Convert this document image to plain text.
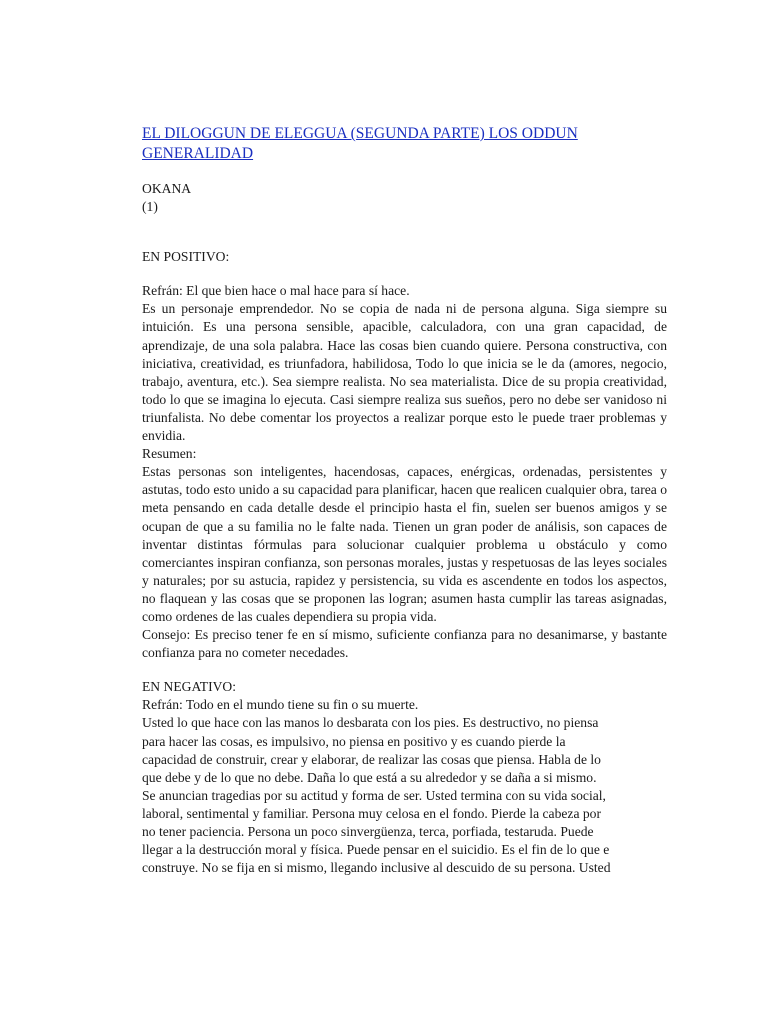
EL DILOGGUN DE ELEGGUA (SEGUNDA PARTE) LOS ODDUN GENERALIDAD
OKANA
(1)
EN POSITIVO:
Refrán: El que bien hace o mal hace para sí hace.

Es un personaje emprendedor. No se copia de nada ni de persona alguna. Siga siempre su intuición. Es una persona sensible, apacible, calculadora, con una gran capacidad, de aprendizaje, de una sola palabra. Hace las cosas bien cuando quiere. Persona constructiva, con iniciativa, creatividad, es triunfadora, habilidosa, Todo lo que inicia se le da (amores, negocio, trabajo, aventura, etc.). Sea siempre realista. No sea materialista. Dice de su propia creatividad, todo lo que se imagina lo ejecuta. Casi siempre realiza sus sueños, pero no debe ser vanidoso ni triunfalista. No debe comentar los proyectos a realizar porque esto le puede traer problemas y envidia.

Resumen:

Estas personas son inteligentes, hacendosas, capaces, enérgicas, ordenadas, persistentes y astutas, todo esto unido a su capacidad para planificar, hacen que realicen cualquier obra, tarea o meta pensando en cada detalle desde el principio hasta el fin, suelen ser buenos amigos y se ocupan de que a su familia no le falte nada. Tienen un gran poder de análisis, son capaces de inventar distintas fórmulas para solucionar cualquier problema u obstáculo y como comerciantes inspiran confianza, son personas morales, justas y respetuosas de las leyes sociales y naturales; por su astucia, rapidez y persistencia, su vida es ascendente en todos los aspectos, no flaquean y las cosas que se proponen las logran; asumen hasta cumplir las tareas asignadas, como ordenes de las cuales dependiera su propia vida.

Consejo: Es preciso tener fe en sí mismo, suficiente confianza para no desanimarse, y bastante confianza para no cometer necedades.

EN NEGATIVO:
Refrán: Todo en el mundo tiene su fin o su muerte.
Usted lo que hace con las manos lo desbarata con los pies. Es destructivo, no piensa
para hacer las cosas, es impulsivo, no piensa en positivo y es cuando pierde la
capacidad de construir, crear y elaborar, de realizar las cosas que piensa. Habla de lo
que debe y de lo que no debe. Daña lo que está a su alrededor y se daña a si mismo.
Se anuncian tragedias por su actitud y forma de ser. Usted termina con su vida social,
laboral, sentimental y familiar. Persona muy celosa en el fondo. Pierde la cabeza por
no tener paciencia. Persona un poco sinvergüenza, terca, porfiada, testaruda. Puede
llegar a la destrucción moral y física. Puede pensar en el suicidio. Es el fin de lo que e
construye. No se fija en si mismo, llegando inclusive al descuido de su persona. Usted
